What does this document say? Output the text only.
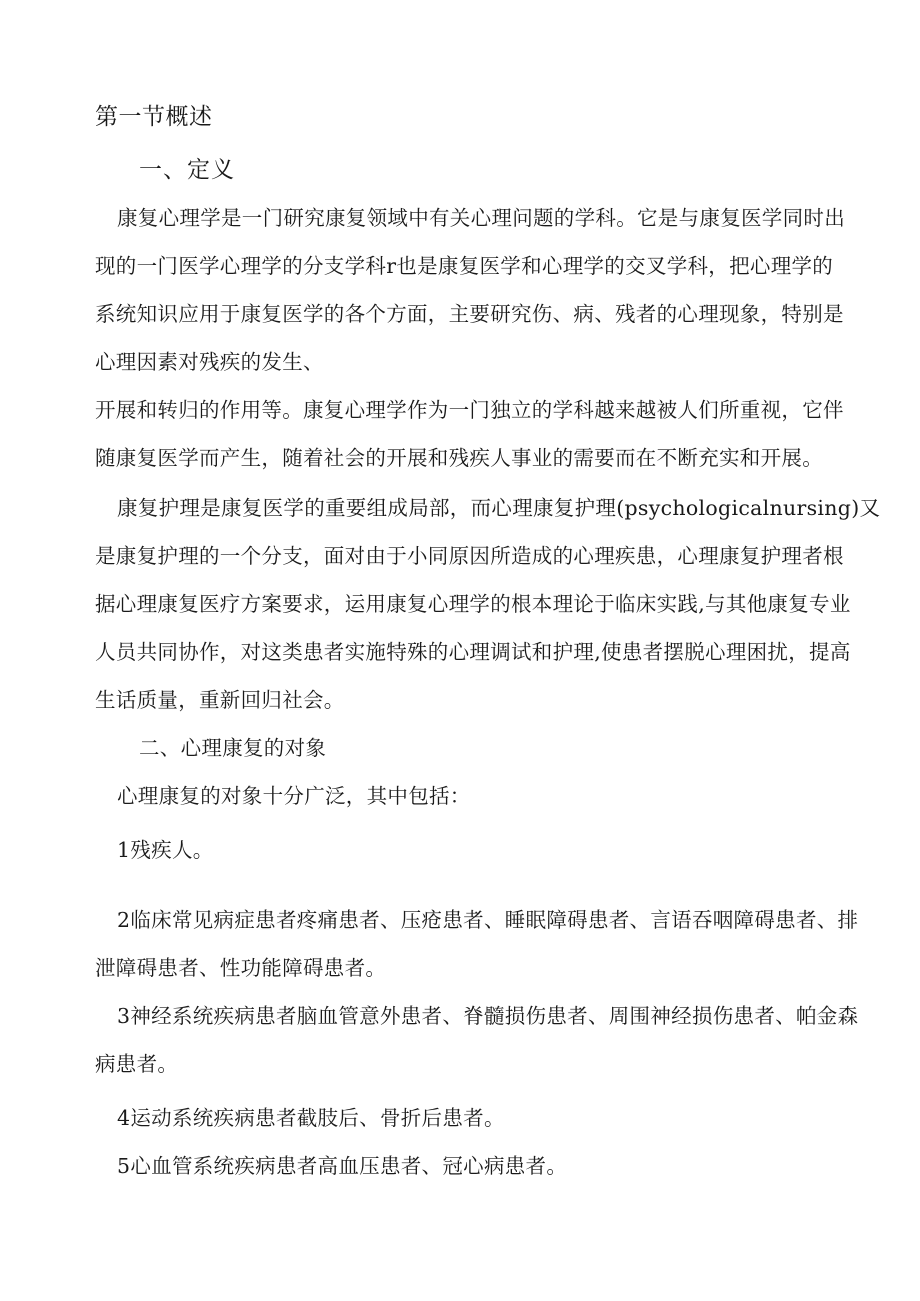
第一节概述
一、定义
康复心理学是一门研究康复领域中有关心理问题的学科。它是与康复医学同时出
现的一门医学心理学的分支学科r也是康复医学和心理学的交叉学科，把心理学的
系统知识应用于康复医学的各个方面，主要研究伤、病、残者的心理现象，特别是
心理因素对残疾的发生、
开展和转归的作用等。康复心理学作为一门独立的学科越来越被人们所重视，它伴
随康复医学而产生，随着社会的开展和残疾人事业的需要而在不断充实和开展。
康复护理是康复医学的重要组成局部，而心理康复护理(psychologicalnursing)又
是康复护理的一个分支，面对由于小同原因所造成的心理疾患，心理康复护理者根
据心理康复医疗方案要求，运用康复心理学的根本理论于临床实践,与其他康复专业
人员共同协作，对这类患者实施特殊的心理调试和护理,使患者摆脱心理困扰，提高
生话质量，重新回归社会。
二、心理康复的对象
心理康复的对象十分广泛，其中包括：
1残疾人。
2临床常见病症患者疼痛患者、压疮患者、睡眠障碍患者、言语吞咽障碍患者、排
泄障碍患者、性功能障碍患者。
3神经系统疾病患者脑血管意外患者、脊髓损伤患者、周围神经损伤患者、帕金森
病患者。
4运动系统疾病患者截肢后、骨折后患者。
5心血管系统疾病患者高血压患者、冠心病患者。
